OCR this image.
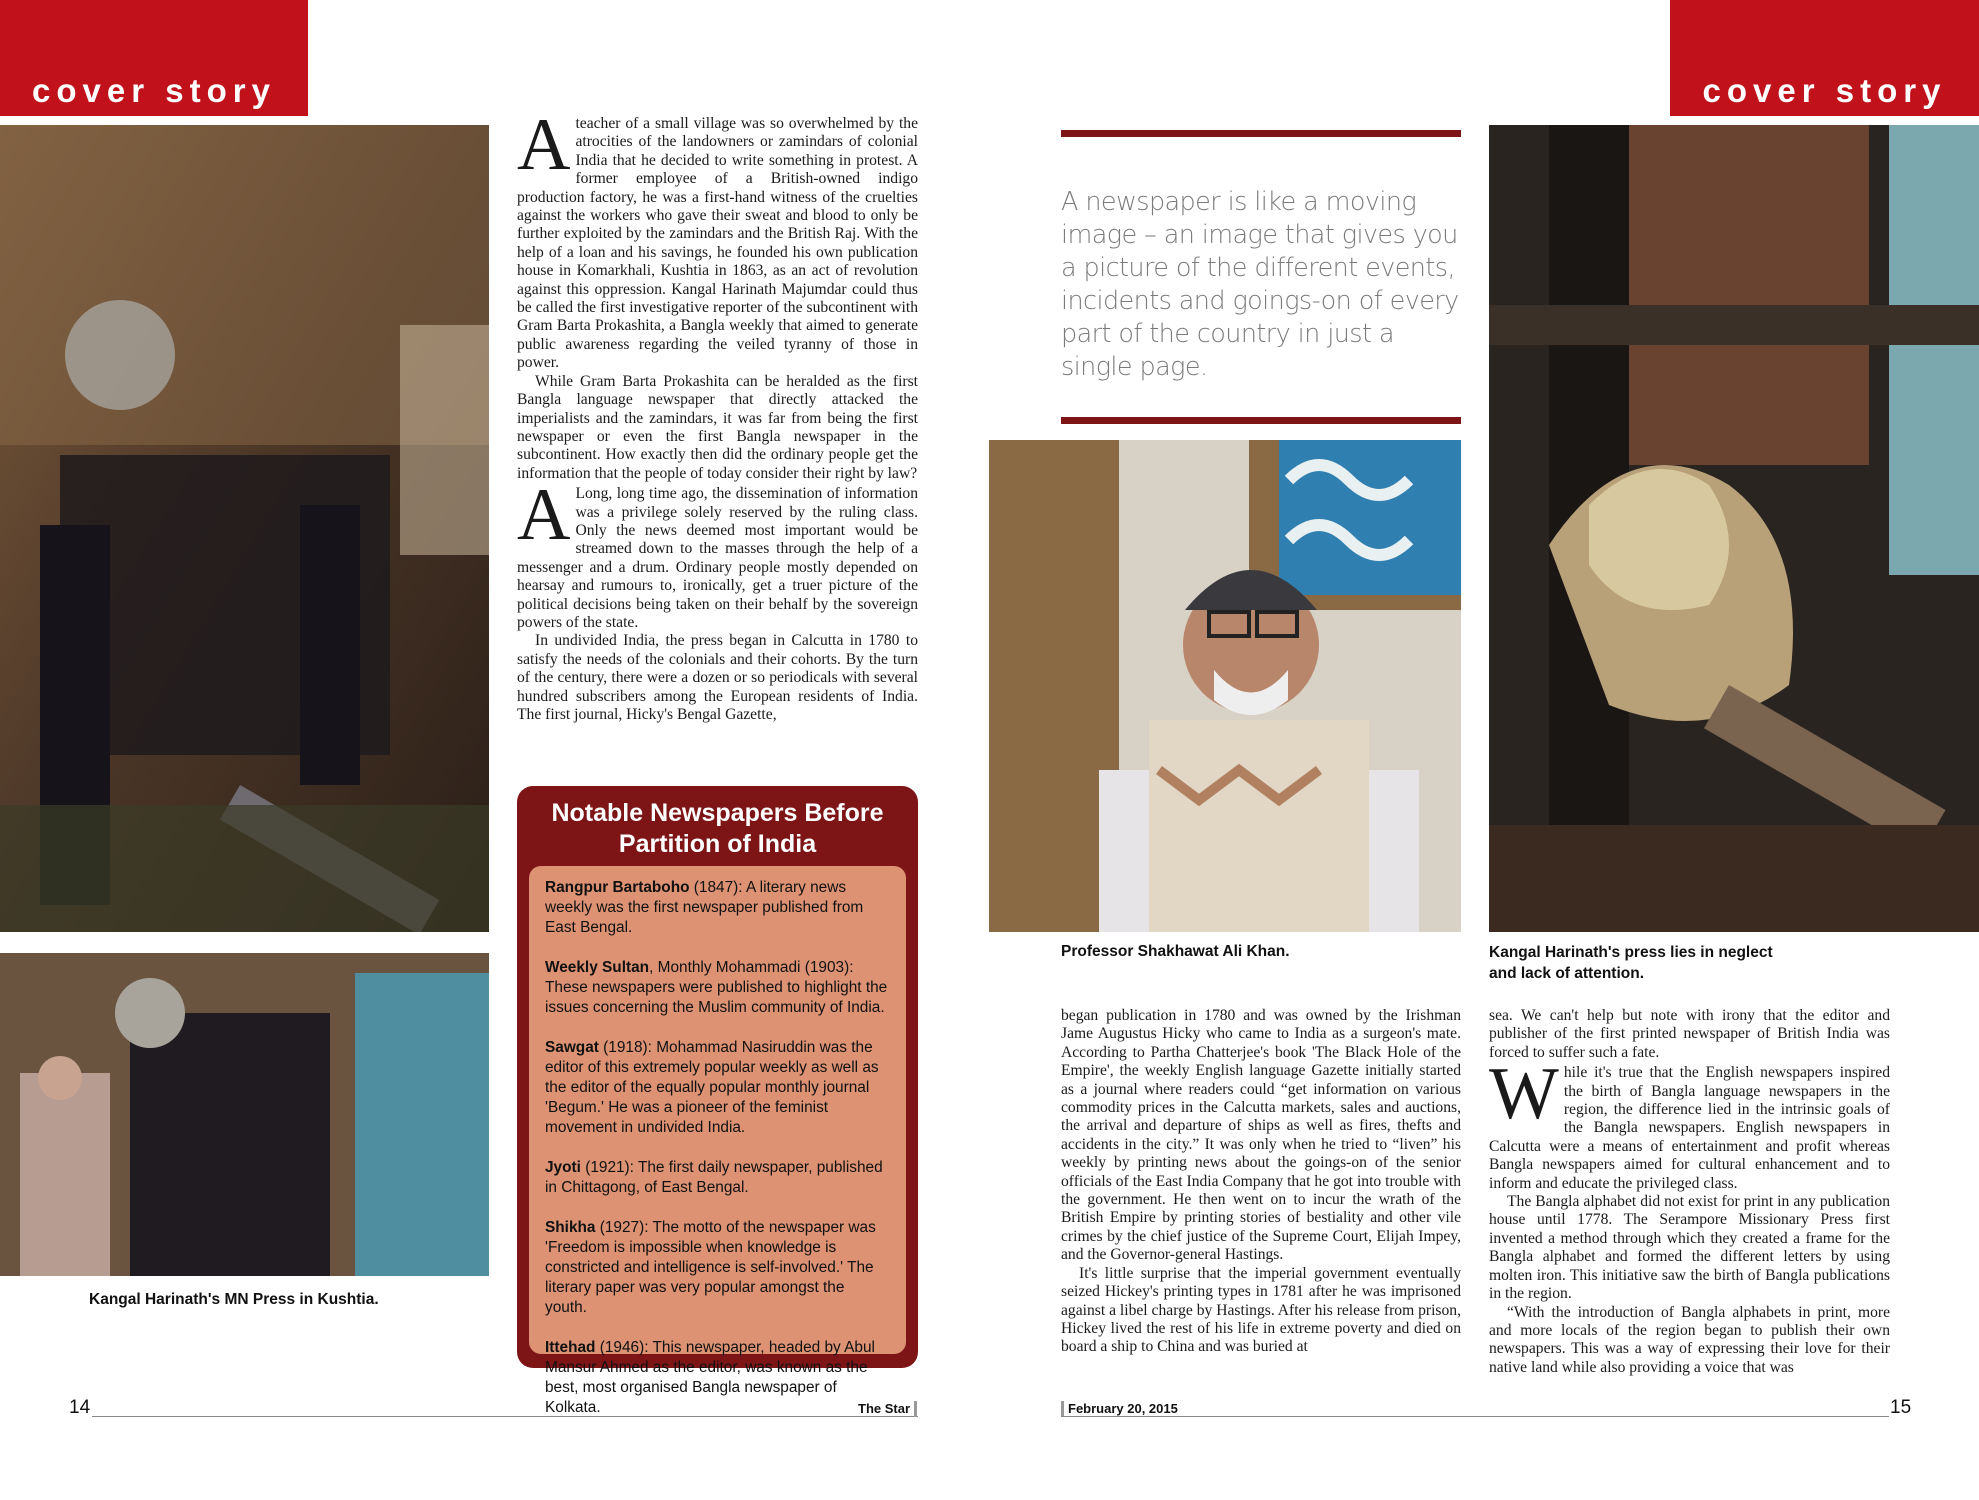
cover story	cover story
Kangal Harinath's MN Press in Kushtia.

A teacher of a small village was so overwhelmed by the atrocities of the landowners or zamindars of colonial India that he decided to write something in protest. A former employee of a British-owned indigo production factory, he was a first-hand witness of the cruelties against the workers who gave their sweat and blood to only be further exploited by the zamindars and the British Raj. With the help of a loan and his savings, he founded his own publication house in Komarkhali, Kushtia in 1863, as an act of revolution against this oppression. Kangal Harinath Majumdar could thus be called the first investigative reporter of the subcontinent with Gram Barta Prokashita, a Bangla weekly that aimed to generate public awareness regarding the veiled tyranny of those in power.

While Gram Barta Prokashita can be heralded as the first Bangla language newspaper that directly attacked the imperialists and the zamindars, it was far from being the first newspaper or even the first Bangla newspaper in the subcontinent. How exactly then did the ordinary people get the information that the people of today consider their right by law?

A Long, long time ago, the dissemination of information was a privilege solely reserved by the ruling class. Only the news deemed most important would be streamed down to the masses through the help of a messenger and a drum. Ordinary people mostly depended on hearsay and rumours to, ironically, get a truer picture of the political decisions being taken on their behalf by the sovereign powers of the state.

In undivided India, the press began in Calcutta in 1780 to satisfy the needs of the colonials and their cohorts. By the turn of the century, there were a dozen or so periodicals with several hundred subscribers among the European residents of India. The first journal, Hicky's Bengal Gazette,

Notable Newspapers Before Partition of India
Rangpur Bartaboho (1847): A literary news weekly was the first newspaper published from East Bengal.
Weekly Sultan, Monthly Mohammadi (1903): These newspapers were published to highlight the issues concerning the Muslim community of India.
Sawgat (1918): Mohammad Nasiruddin was the editor of this extremely popular weekly as well as the editor of the equally popular monthly journal 'Begum.' He was a pioneer of the feminist movement in undivided India.
Jyoti (1921): The first daily newspaper, published in Chittagong, of East Bengal.
Shikha (1927): The motto of the newspaper was 'Freedom is impossible when knowledge is constricted and intelligence is self-involved.' The literary paper was very popular amongst the youth.
Ittehad (1946): This newspaper, headed by Abul Mansur Ahmed as the editor, was known as the best, most organised Bangla newspaper of Kolkata.
A newspaper is like a moving image – an image that gives you a picture of the different events, incidents and goings-on of every part of the country in just a single page.
Professor Shakhawat Ali Khan.	Kangal Harinath's press lies in neglect and lack of attention.

began publication in 1780 and was owned by the Irishman Jame Augustus Hicky who came to India as a surgeon's mate. According to Partha Chatterjee's book 'The Black Hole of the Empire', the weekly English language Gazette initially started as a journal where readers could “get information on various commodity prices in the Calcutta markets, sales and auctions, the arrival and departure of ships as well as fires, thefts and accidents in the city.” It was only when he tried to “liven” his weekly by printing news about the goings-on of the senior officials of the East India Company that he got into trouble with the government. He then went on to incur the wrath of the British Empire by printing stories of bestiality and other vile crimes by the chief justice of the Supreme Court, Elijah Impey, and the Governor-general Hastings.

It's little surprise that the imperial government eventually seized Hickey's printing types in 1781 after he was imprisoned against a libel charge by Hastings. After his release from prison, Hickey lived the rest of his life in extreme poverty and died on board a ship to China and was buried at

sea. We can't help but note with irony that the editor and publisher of the first printed newspaper of British India was forced to suffer such a fate.

W hile it's true that the English newspapers inspired the birth of Bangla language newspapers in the region, the difference lied in the intrinsic goals of the Bangla newspapers. English newspapers in Calcutta were a means of entertainment and profit whereas Bangla newspapers aimed for cultural enhancement and to inform and educate the privileged class.

The Bangla alphabet did not exist for print in any publication house until 1778. The Serampore Missionary Press first invented a method through which they created a frame for the Bangla alphabet and formed the different letters by using molten iron. This initiative saw the birth of Bangla publications in the region.

“With the introduction of Bangla alphabets in print, more and more locals of the region began to publish their own newspapers. This was a way of expressing their love for their native land while also providing a voice that was

14	The Star	February 20, 2015	15
